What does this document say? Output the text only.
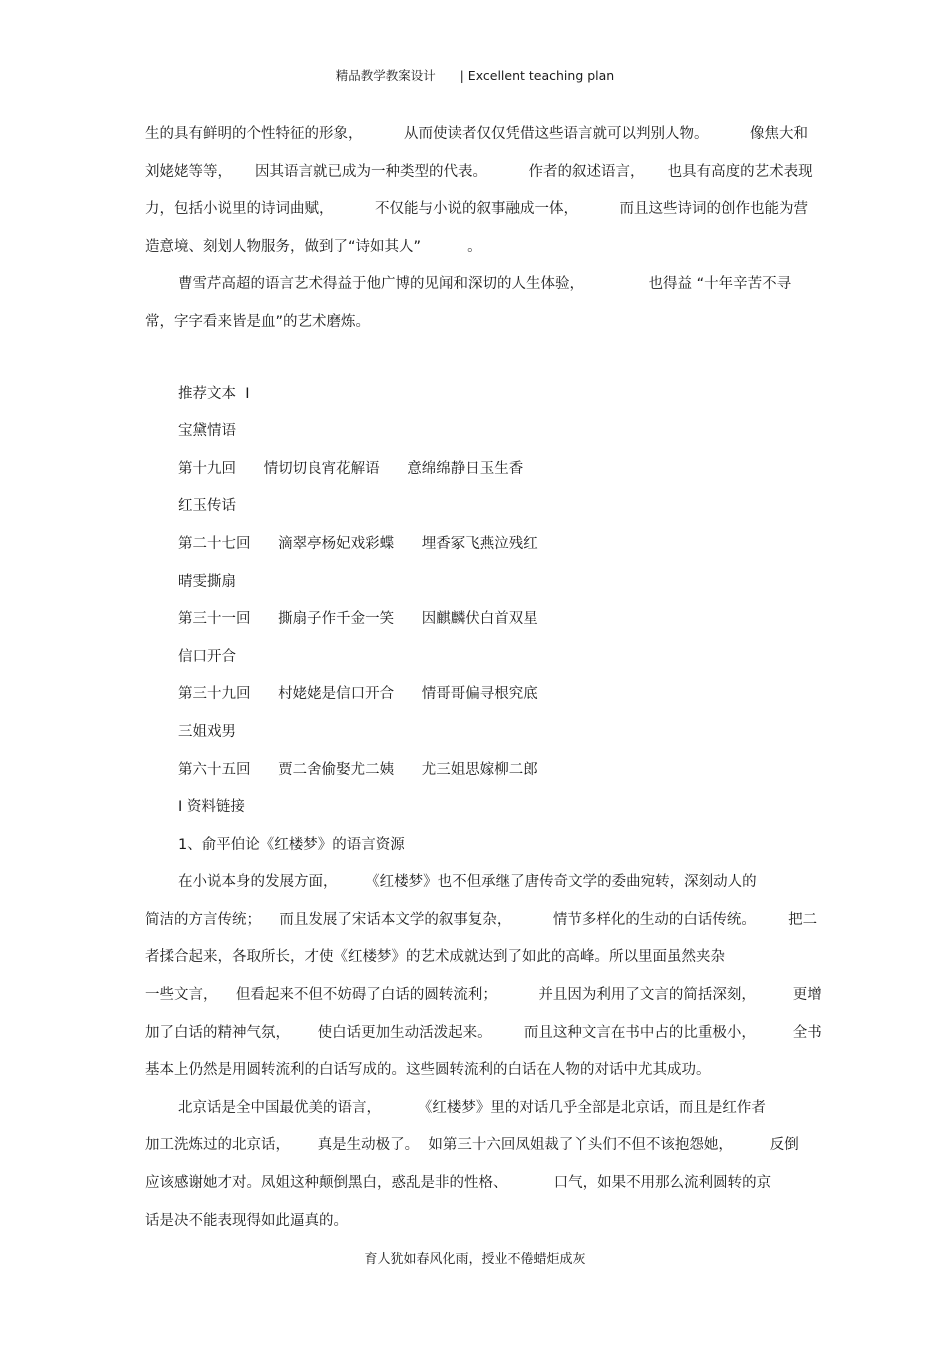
精品教学教案设计      | Excellent teaching plan
生的具有鲜明的个性特征的形象，         从而使读者仅仅凭借这些语言就可以判别人物。         像焦大和
刘姥姥等等，     因其语言就已成为一种类型的代表。         作者的叙述语言，     也具有高度的艺术表现
力，包括小说里的诗词曲赋，         不仅能与小说的叙事融成一体，         而且这些诗词的创作也能为营
造意境、刻划人物服务，做到了“诗如其人”          。
曹雪芹高超的语言艺术得益于他广博的见闻和深切的人生体验，              也得益 “十年辛苦不寻
常，字字看来皆是血”的艺术磨炼。
推荐文本  Ⅰ
宝黛情语
第十九回      情切切良宵花解语      意绵绵静日玉生香
红玉传话
第二十七回      滴翠亭杨妃戏彩蝶      埋香冢飞燕泣残红
晴雯撕扇
第三十一回      撕扇子作千金一笑      因麒麟伏白首双星
信口开合
第三十九回      村姥姥是信口开合      情哥哥偏寻根究底
三姐戏男
第六十五回      贾二舍偷娶尤二姨      尤三姐思嫁柳二郎
Ⅰ 资料链接
1、俞平伯论《红楼梦》的语言资源
在小说本身的发展方面，      《红楼梦》也不但承继了唐传奇文学的委曲宛转，深刻动人的
简洁的方言传统；    而且发展了宋话本文学的叙事复杂，         情节多样化的生动的白话传统。       把二
者揉合起来，各取所长，才使《红楼梦》的艺术成就达到了如此的高峰。所以里面虽然夹杂
一些文言，    但看起来不但不妨碍了白话的圆转流利；         并且因为利用了文言的简括深刻，        更增
加了白话的精神气氛，      使白话更加生动活泼起来。       而且这种文言在书中占的比重极小，        全书
基本上仍然是用圆转流利的白话写成的。这些圆转流利的白话在人物的对话中尤其成功。
北京话是全中国最优美的语言，        《红楼梦》里的对话几乎全部是北京话，而且是红作者
加工洗炼过的北京话，      真是生动极了。  如第三十六回凤姐裁了丫头们不但不该抱怨她，        反倒
应该感谢她才对。凤姐这种颠倒黑白，惑乱是非的性格、          口气，如果不用那么流利圆转的京
话是决不能表现得如此逼真的。
育人犹如春风化雨，授业不倦蜡炬成灰
